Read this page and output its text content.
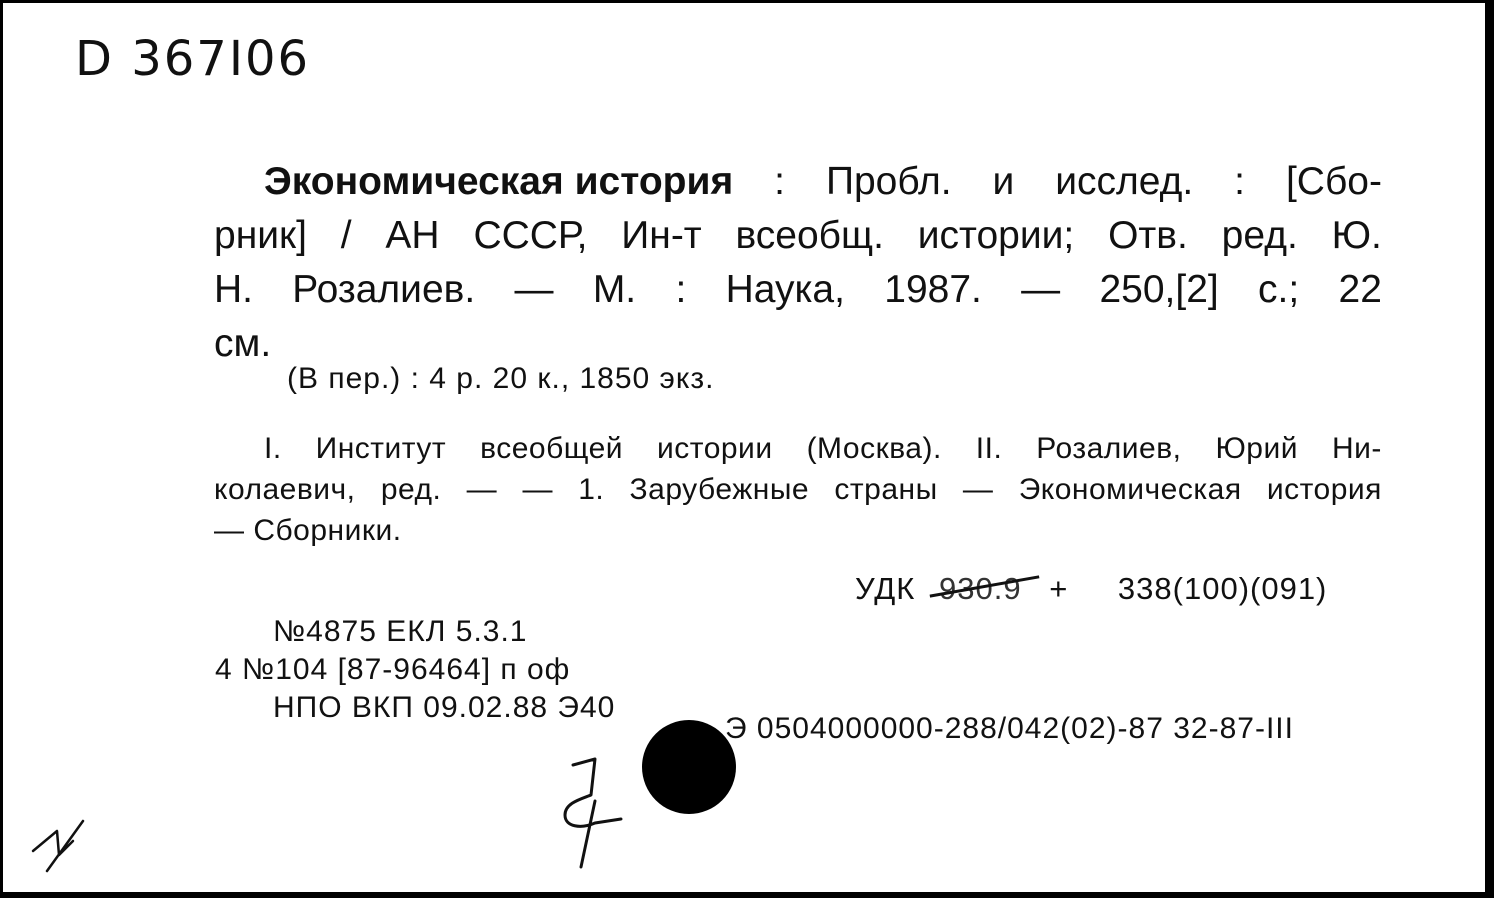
D 367I06
Экономическая история : Пробл. и исслед. : [Сбо-
рник] / АН СССР, Ин-т всеобщ. истории; Отв. ред. Ю.
Н. Розалиев. — М. : Наука, 1987. — 250,[2] с.; 22
см.
(В пер.) : 4 р. 20 к., 1850 экз.
I. Институт всеобщей истории (Москва). II. Розалиев, Юрий Ни-
колаевич, ред. — — 1. Зарубежные страны — Экономическая история
— Сборники.
УДК 930.9 + 338(100)(091)
№4875 ЕКЛ 5.3.1
4 №104 [87-96464] п оф
НПО ВКП 09.02.88 Э40
Э 0504000000-288/042(02)-87 32-87-III
